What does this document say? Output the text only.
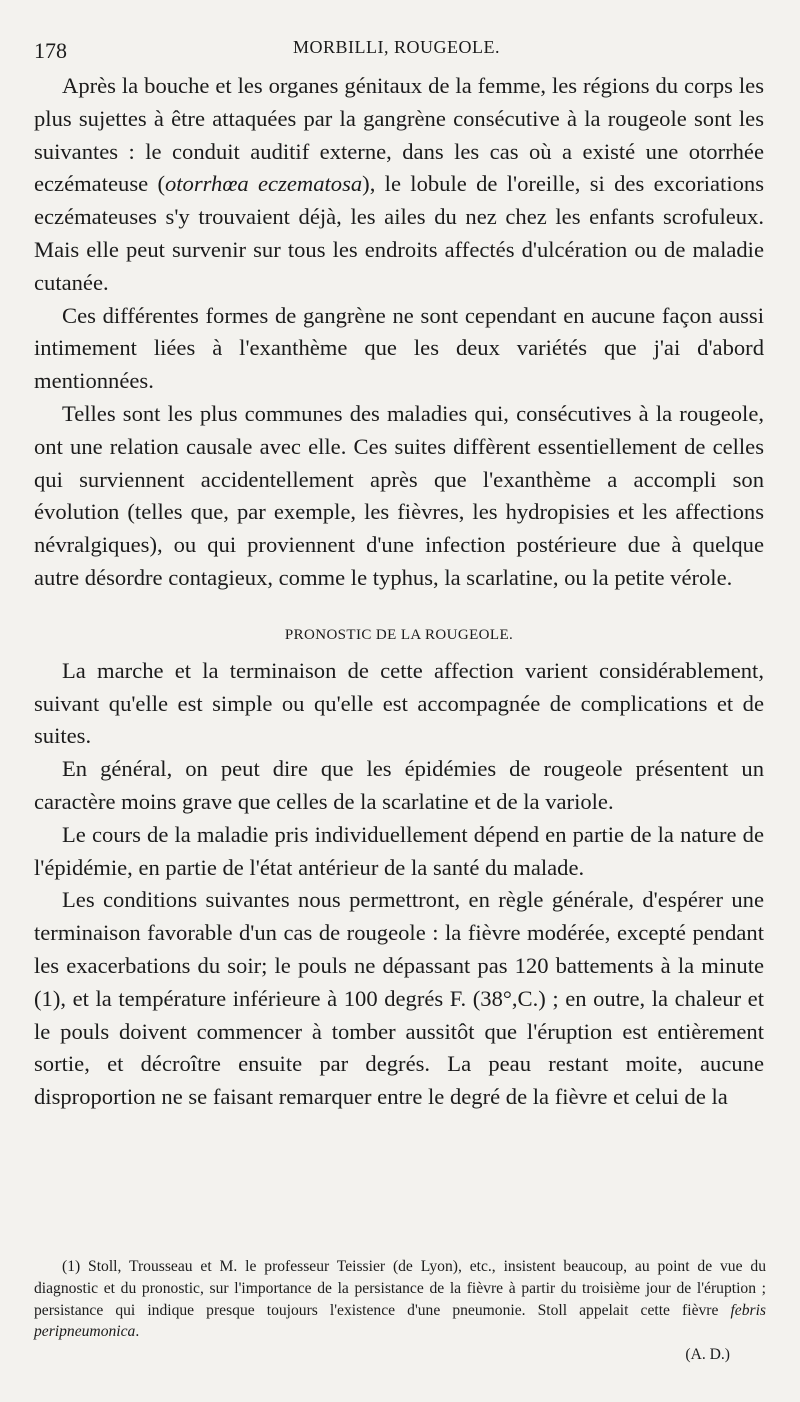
178	MORBILLI, ROUGEOLE.

Après la bouche et les organes génitaux de la femme, les régions du corps les plus sujettes à être attaquées par la gangrène consécutive à la rougeole sont les suivantes : le conduit auditif externe, dans les cas où a existé une otorrhée eczémateuse (otorrhœa eczematosa), le lobule de l'oreille, si des excoriations eczémateuses s'y trouvaient déjà, les ailes du nez chez les enfants scrofuleux. Mais elle peut survenir sur tous les endroits affectés d'ulcération ou de maladie cutanée.

Ces différentes formes de gangrène ne sont cependant en aucune façon aussi intimement liées à l'exanthème que les deux variétés que j'ai d'abord mentionnées.

Telles sont les plus communes des maladies qui, consécutives à la rougeole, ont une relation causale avec elle. Ces suites diffèrent essentiellement de celles qui surviennent accidentellement après que l'exanthème a accompli son évolution (telles que, par exemple, les fièvres, les hydropisies et les affections névralgiques), ou qui proviennent d'une infection postérieure due à quelque autre désordre contagieux, comme le typhus, la scarlatine, ou la petite vérole.

PRONOSTIC DE LA ROUGEOLE.

La marche et la terminaison de cette affection varient considérablement, suivant qu'elle est simple ou qu'elle est accompagnée de complications et de suites.

En général, on peut dire que les épidémies de rougeole présentent un caractère moins grave que celles de la scarlatine et de la variole.

Le cours de la maladie pris individuellement dépend en partie de la nature de l'épidémie, en partie de l'état antérieur de la santé du malade.

Les conditions suivantes nous permettront, en règle générale, d'espérer une terminaison favorable d'un cas de rougeole : la fièvre modérée, excepté pendant les exacerbations du soir; le pouls ne dépassant pas 120 battements à la minute (1), et la température inférieure à 100 degrés F. (38°,C.) ; en outre, la chaleur et le pouls doivent commencer à tomber aussitôt que l'éruption est entièrement sortie, et décroître ensuite par degrés. La peau restant moite, aucune disproportion ne se faisant remarquer entre le degré de la fièvre et celui de la

(1) Stoll, Trousseau et M. le professeur Teissier (de Lyon), etc., insistent beaucoup, au point de vue du diagnostic et du pronostic, sur l'importance de la persistance de la fièvre à partir du troisième jour de l'éruption ; persistance qui indique presque toujours l'existence d'une pneumonie. Stoll appelait cette fièvre febris peripneumonica.

(A. D.)
